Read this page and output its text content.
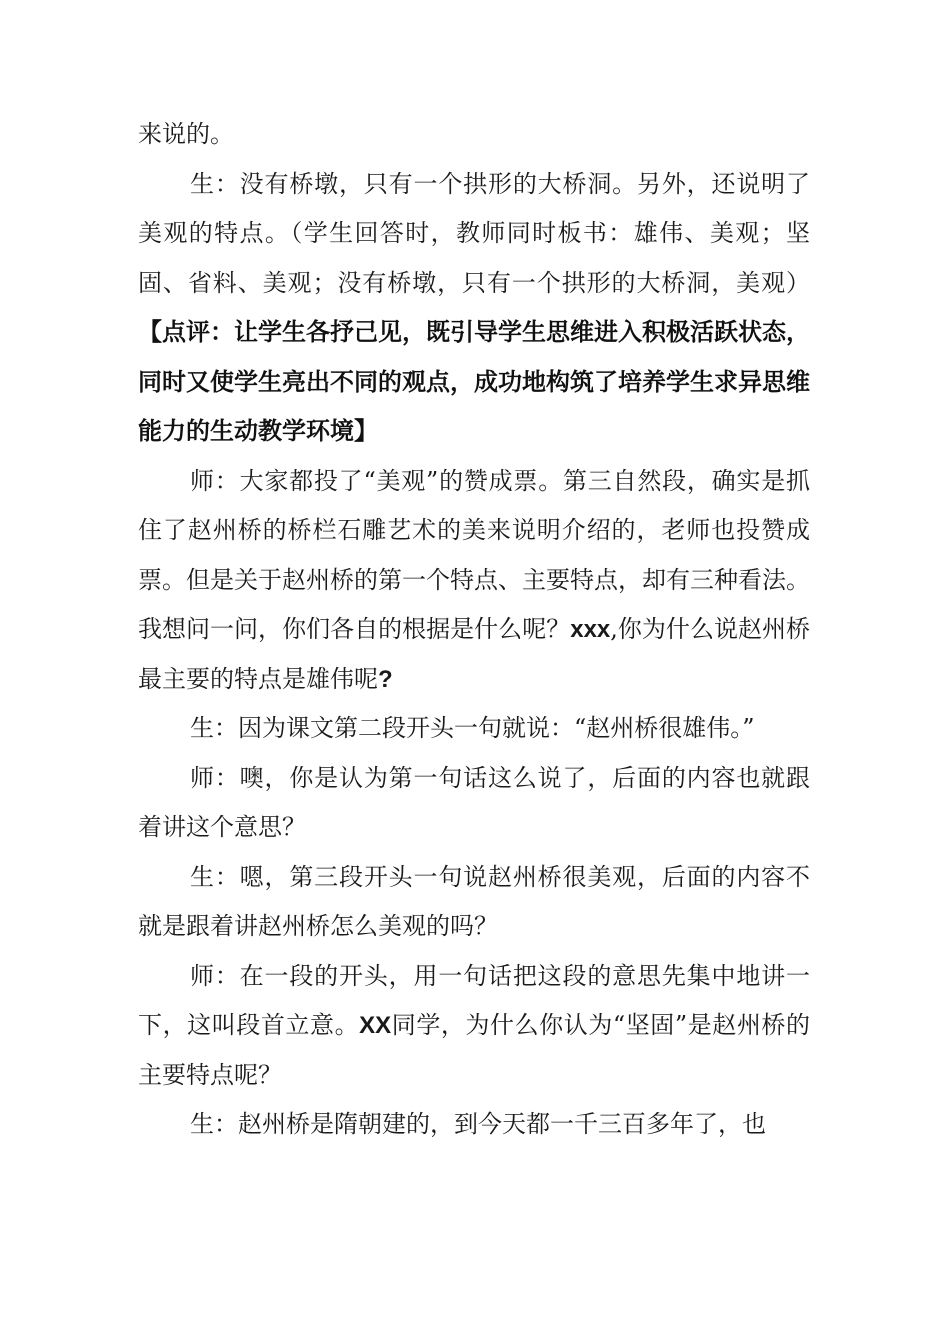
来说的。

生：没有桥墩，只有一个拱形的大桥洞。另外，还说明了美观的特点。（学生回答时，教师同时板书：雄伟、美观；坚固、省料、美观；没有桥墩，只有一个拱形的大桥洞，美观）【点评：让学生各抒己见，既引导学生思维进入积极活跃状态，同时又使学生亮出不同的观点，成功地构筑了培养学生求异思维能力的生动教学环境】

师：大家都投了“美观”的赞成票。第三自然段，确实是抓住了赵州桥的桥栏石雕艺术的美来说明介绍的，老师也投赞成票。但是关于赵州桥的第一个特点、主要特点，却有三种看法。我想问一问，你们各自的根据是什么呢？xxx,你为什么说赵州桥最主要的特点是雄伟呢?

生：因为课文第二段开头一句就说：“赵州桥很雄伟。”

师：噢，你是认为第一句话这么说了，后面的内容也就跟着讲这个意思？

生：嗯，第三段开头一句说赵州桥很美观，后面的内容不就是跟着讲赵州桥怎么美观的吗？

师：在一段的开头，用一句话把这段的意思先集中地讲一下，这叫段首立意。XX同学，为什么你认为“坚固”是赵州桥的主要特点呢？

生：赵州桥是隋朝建的，到今天都一千三百多年了，也
